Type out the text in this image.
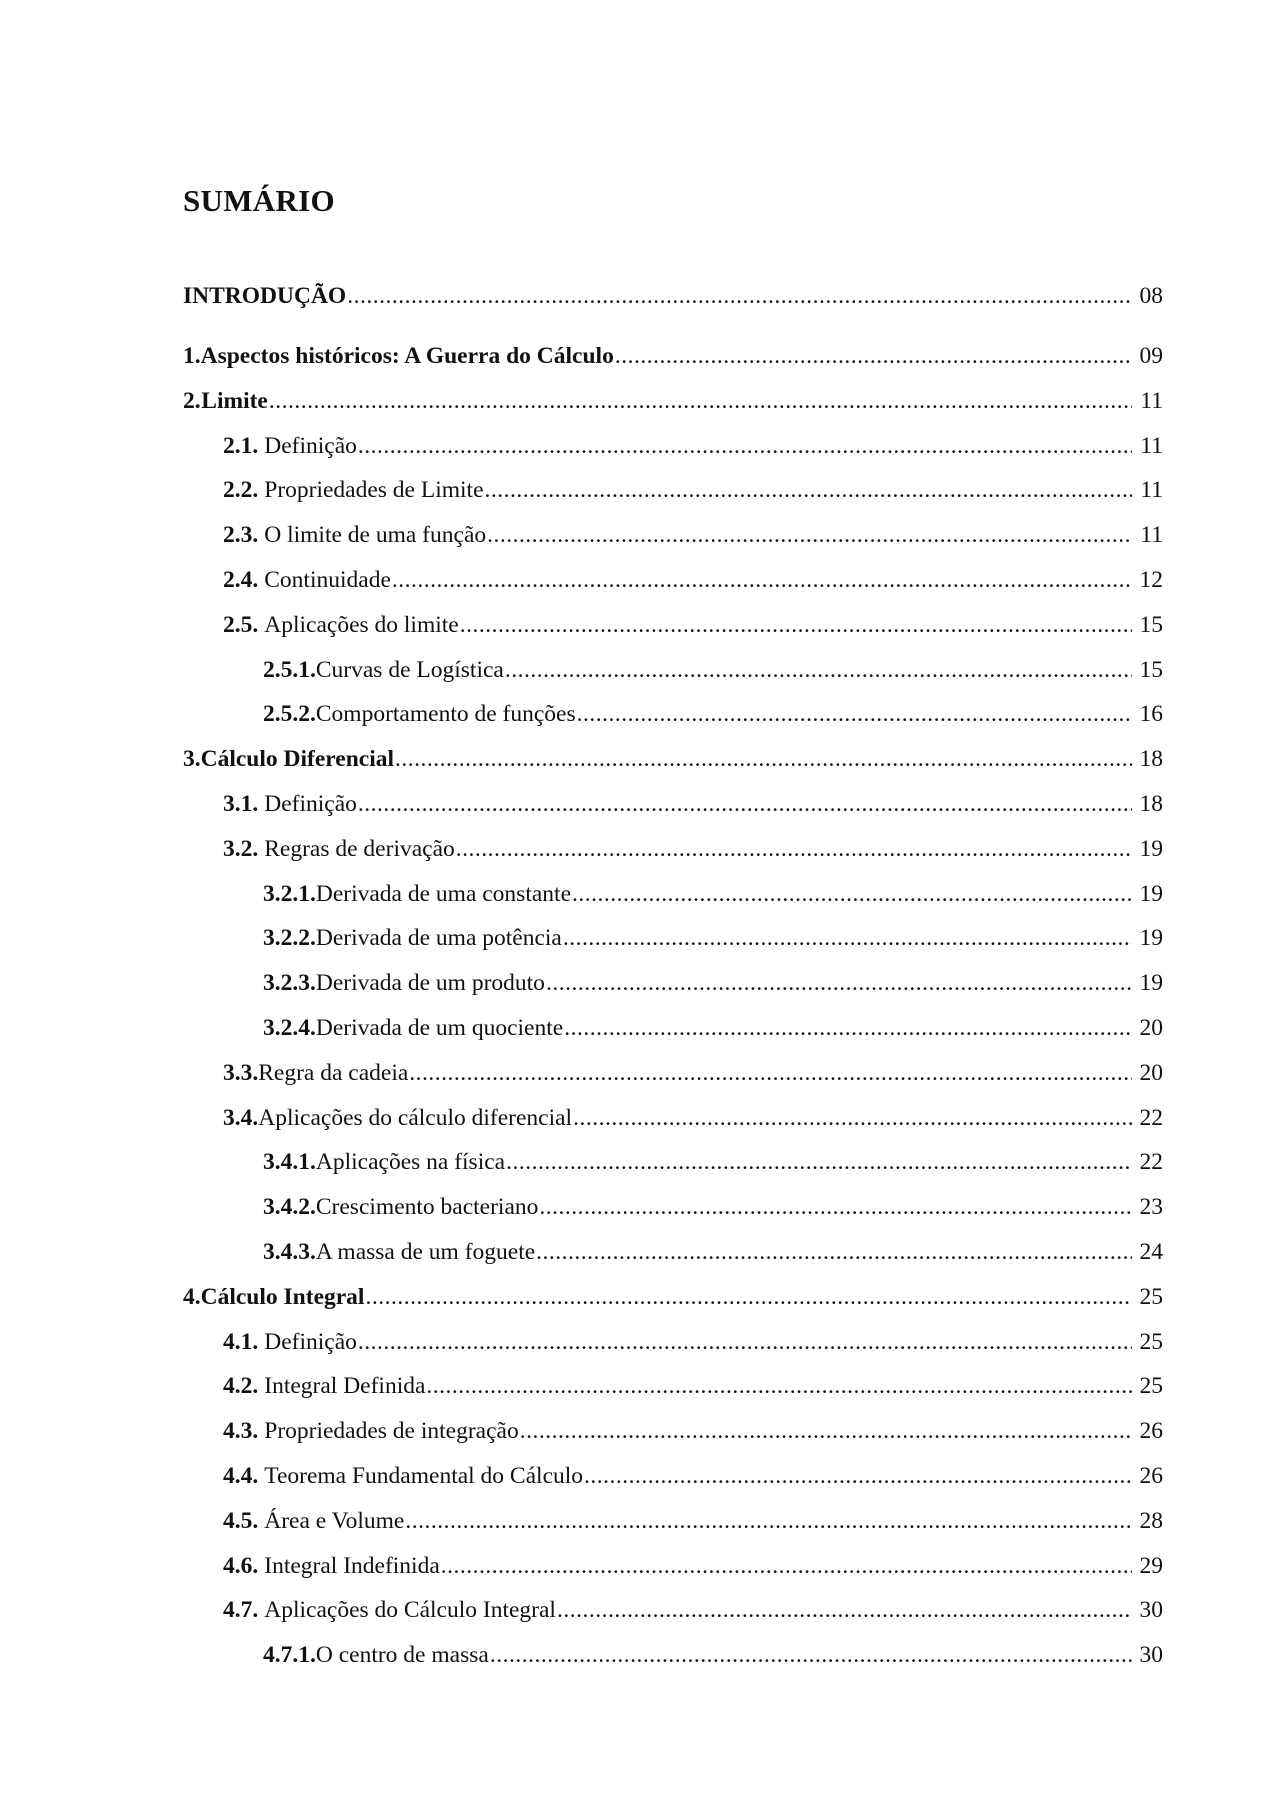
SUMÁRIO
INTRODUÇÃO .....	08
1. Aspectos históricos: A Guerra do Cálculo .....	09
2. Limite .....	11
2.1. Definição .....	11
2.2. Propriedades de Limite .....	11
2.3. O limite de uma função .....	11
2.4. Continuidade .....	12
2.5. Aplicações do limite .....	15
2.5.1. Curvas de Logística .....	15
2.5.2. Comportamento de funções .....	16
3. Cálculo Diferencial .....	18
3.1. Definição .....	18
3.2. Regras de derivação .....	19
3.2.1. Derivada de uma constante .....	19
3.2.2. Derivada de uma potência .....	19
3.2.3. Derivada de um produto .....	19
3.2.4. Derivada de um quociente .....	20
3.3. Regra da cadeia .....	20
3.4. Aplicações do cálculo diferencial .....	22
3.4.1. Aplicações na física .....	22
3.4.2. Crescimento bacteriano .....	23
3.4.3. A massa de um foguete .....	24
4. Cálculo Integral .....	25
4.1. Definição .....	25
4.2. Integral Definida .....	25
4.3. Propriedades de integração .....	26
4.4. Teorema Fundamental do Cálculo .....	26
4.5. Área e Volume .....	28
4.6. Integral Indefinida .....	29
4.7. Aplicações do Cálculo Integral .....	30
4.7.1. O centro de massa .....	30
